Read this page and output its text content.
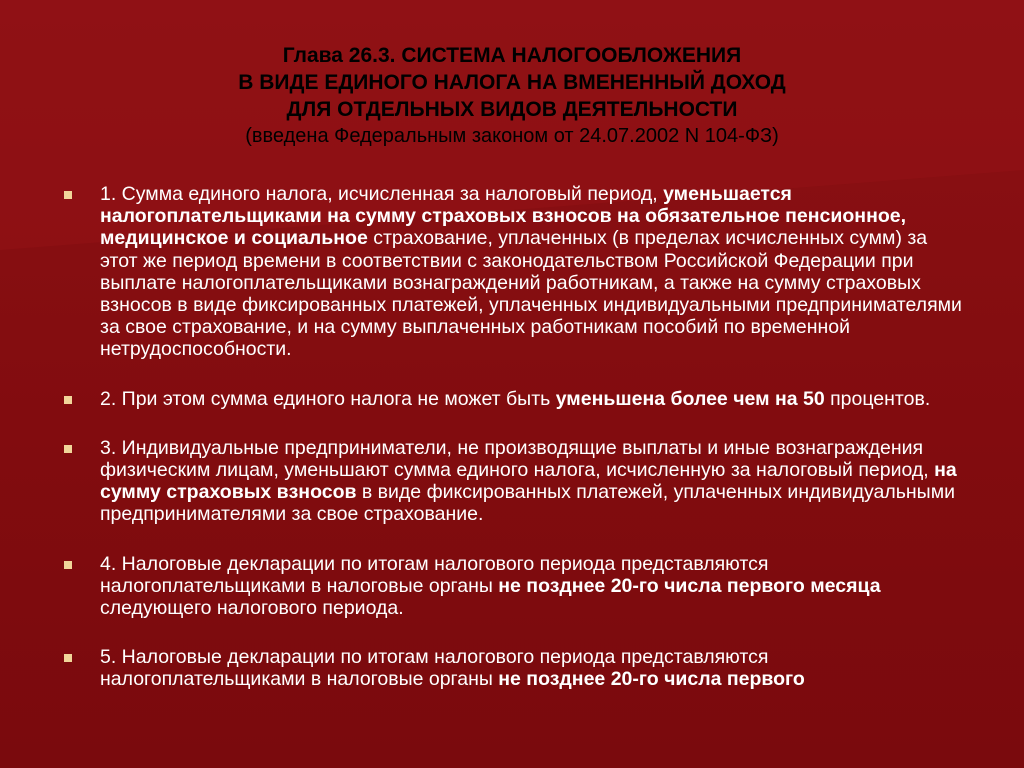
Глава 26.3. СИСТЕМА НАЛОГООБЛОЖЕНИЯ
В ВИДЕ ЕДИНОГО НАЛОГА НА ВМЕНЕННЫЙ ДОХОД
ДЛЯ ОТДЕЛЬНЫХ ВИДОВ ДЕЯТЕЛЬНОСТИ
(введена Федеральным законом от 24.07.2002 N 104-ФЗ)
1. Сумма единого налога, исчисленная за налоговый период, уменьшается налогоплательщиками на сумму страховых взносов на обязательное пенсионное, медицинское и социальное страхование, уплаченных (в пределах исчисленных сумм) за этот же период времени в соответствии с законодательством Российской Федерации при выплате налогоплательщиками вознаграждений работникам, а также на сумму страховых взносов в виде фиксированных платежей, уплаченных индивидуальными предпринимателями за свое страхование, и на сумму выплаченных работникам пособий по временной нетрудоспособности.
2. При этом сумма единого налога не может быть уменьшена более чем на 50 процентов.
3. Индивидуальные предприниматели, не производящие выплаты и иные вознаграждения физическим лицам, уменьшают сумма единого налога, исчисленную за налоговый период, на сумму страховых взносов в виде фиксированных платежей, уплаченных индивидуальными предпринимателями за свое страхование.
4. Налоговые декларации по итогам налогового периода представляются налогоплательщиками в налоговые органы не позднее 20-го числа первого месяца следующего налогового периода.
5. Налоговые декларации по итогам налогового периода представляются налогоплательщиками в налоговые органы не позднее 20-го числа первого
